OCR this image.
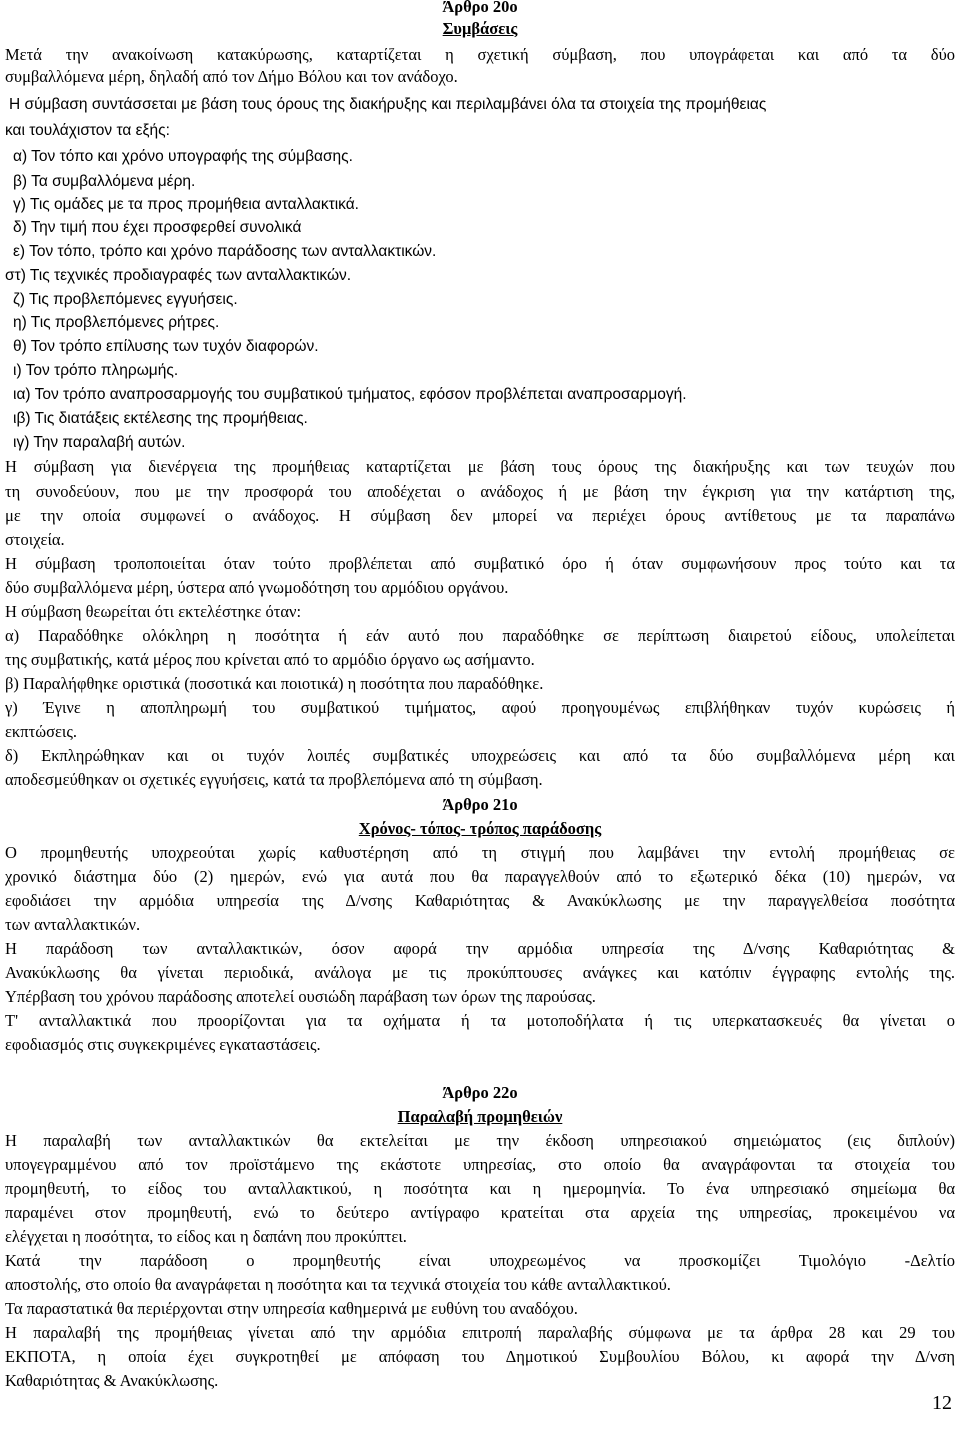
Άρθρο 20ο
Συμβάσεις
Μετά την ανακοίνωση κατακύρωσης, καταρτίζεται η σχετική σύμβαση, που υπογράφεται και από τα δύο
συμβαλλόμενα μέρη, δηλαδή από τον Δήμο Βόλου και τον ανάδοχο.
Η σύμβαση συντάσσεται με βάση τους όρους της διακήρυξης και περιλαμβάνει όλα τα στοιχεία της προμήθειας
και τουλάχιστον τα εξής:
α) Τον τόπο και χρόνο υπογραφής της σύμβασης.
β) Τα συμβαλλόμενα μέρη.
γ) Τις ομάδες με τα προς προμήθεια ανταλλακτικά.
δ) Την τιμή που έχει προσφερθεί συνολικά
ε) Τον τόπο, τρόπο και χρόνο παράδοσης των ανταλλακτικών.
στ) Τις τεχνικές προδιαγραφές των ανταλλακτικών.
ζ) Τις προβλεπόμενες εγγυήσεις.
η) Τις προβλεπόμενες ρήτρες.
θ) Τον τρόπο επίλυσης των τυχόν διαφορών.
ι) Τον τρόπο πληρωμής.
ια) Τον τρόπο αναπροσαρμογής του συμβατικού τμήματος, εφόσον προβλέπεται αναπροσαρμογή.
ιβ) Τις διατάξεις εκτέλεσης της προμήθειας.
ιγ) Την παραλαβή αυτών.
Η σύμβαση για διενέργεια της προμήθειας καταρτίζεται με βάση τους όρους της διακήρυξης και των τευχών που
τη συνοδεύουν, που με την προσφορά του αποδέχεται ο ανάδοχος ή με βάση την έγκριση για την κατάρτιση της,
με την οποία συμφωνεί ο ανάδοχος. Η σύμβαση δεν μπορεί να περιέχει όρους αντίθετους με τα παραπάνω
στοιχεία.
Η σύμβαση τροποποιείται όταν τούτο προβλέπεται από συμβατικό όρο ή όταν συμφωνήσουν προς τούτο και τα
δύο συμβαλλόμενα μέρη, ύστερα από γνωμοδότηση του αρμόδιου οργάνου.
Η σύμβαση θεωρείται ότι εκτελέστηκε όταν:
α) Παραδόθηκε ολόκληρη η ποσότητα ή εάν αυτό που παραδόθηκε σε περίπτωση διαιρετού είδους, υπολείπεται
της συμβατικής, κατά μέρος που κρίνεται από το αρμόδιο όργανο ως ασήμαντο.
β) Παραλήφθηκε οριστικά (ποσοτικά και ποιοτικά) η ποσότητα που παραδόθηκε.
γ) Έγινε η αποπληρωμή του συμβατικού τιμήματος, αφού προηγουμένως επιβλήθηκαν τυχόν κυρώσεις ή
εκπτώσεις.
δ) Εκπληρώθηκαν και οι τυχόν λοιπές συμβατικές υποχρεώσεις και από τα δύο συμβαλλόμενα μέρη και
αποδεσμεύθηκαν οι σχετικές εγγυήσεις, κατά τα προβλεπόμενα από τη σύμβαση.
Άρθρο 21ο
Χρόνος- τόπος- τρόπος παράδοσης
Ο προμηθευτής υποχρεούται χωρίς καθυστέρηση από τη στιγμή που λαμβάνει την εντολή προμήθειας σε
χρονικό διάστημα δύο (2) ημερών, ενώ για αυτά που θα παραγγελθούν από το εξωτερικό δέκα (10) ημερών, να
εφοδιάσει την αρμόδια υπηρεσία της Δ/νσης Καθαριότητας & Ανακύκλωσης με την παραγγελθείσα ποσότητα
των ανταλλακτικών.
Η παράδοση των ανταλλακτικών, όσον αφορά την αρμόδια υπηρεσία της Δ/νσης Καθαριότητας &
Ανακύκλωσης θα γίνεται περιοδικά, ανάλογα με τις προκύπτουσες ανάγκες και κατόπιν έγγραφης εντολής της.
Υπέρβαση του χρόνου παράδοσης αποτελεί ουσιώδη παράβαση των όρων της παρούσας.
Τ' ανταλλακτικά που προορίζονται για τα οχήματα ή τα μοτοποδήλατα ή τις υπερκατασκευές θα γίνεται ο
εφοδιασμός στις συγκεκριμένες εγκαταστάσεις.
Άρθρο 22ο
Παραλαβή προμηθειών
Η παραλαβή των ανταλλακτικών θα εκτελείται με την έκδοση υπηρεσιακού σημειώματος (εις διπλούν)
υπογεγραμμένου από τον προϊστάμενο της εκάστοτε υπηρεσίας, στο οποίο θα αναγράφονται τα στοιχεία του
προμηθευτή, το είδος του ανταλλακτικού, η ποσότητα και η ημερομηνία. Το ένα υπηρεσιακό σημείωμα θα
παραμένει στον προμηθευτή, ενώ το δεύτερο αντίγραφο κρατείται στα αρχεία της υπηρεσίας, προκειμένου να
ελέγχεται η ποσότητα, το είδος και η δαπάνη που προκύπτει.
Κατά την παράδοση ο προμηθευτής είναι υποχρεωμένος να προσκομίζει Τιμολόγιο -Δελτίο
αποστολής, στο οποίο θα αναγράφεται η ποσότητα και τα τεχνικά στοιχεία του κάθε ανταλλακτικού.
Τα παραστατικά θα περιέρχονται στην υπηρεσία καθημερινά με ευθύνη του αναδόχου.
Η παραλαβή της προμήθειας γίνεται από την αρμόδια επιτροπή παραλαβής σύμφωνα με τα άρθρα 28 και 29 του
ΕΚΠΟΤΑ, η οποία έχει συγκροτηθεί με απόφαση του Δημοτικού Συμβουλίου Βόλου, κι αφορά την Δ/νση
Καθαριότητας & Ανακύκλωσης.
12
